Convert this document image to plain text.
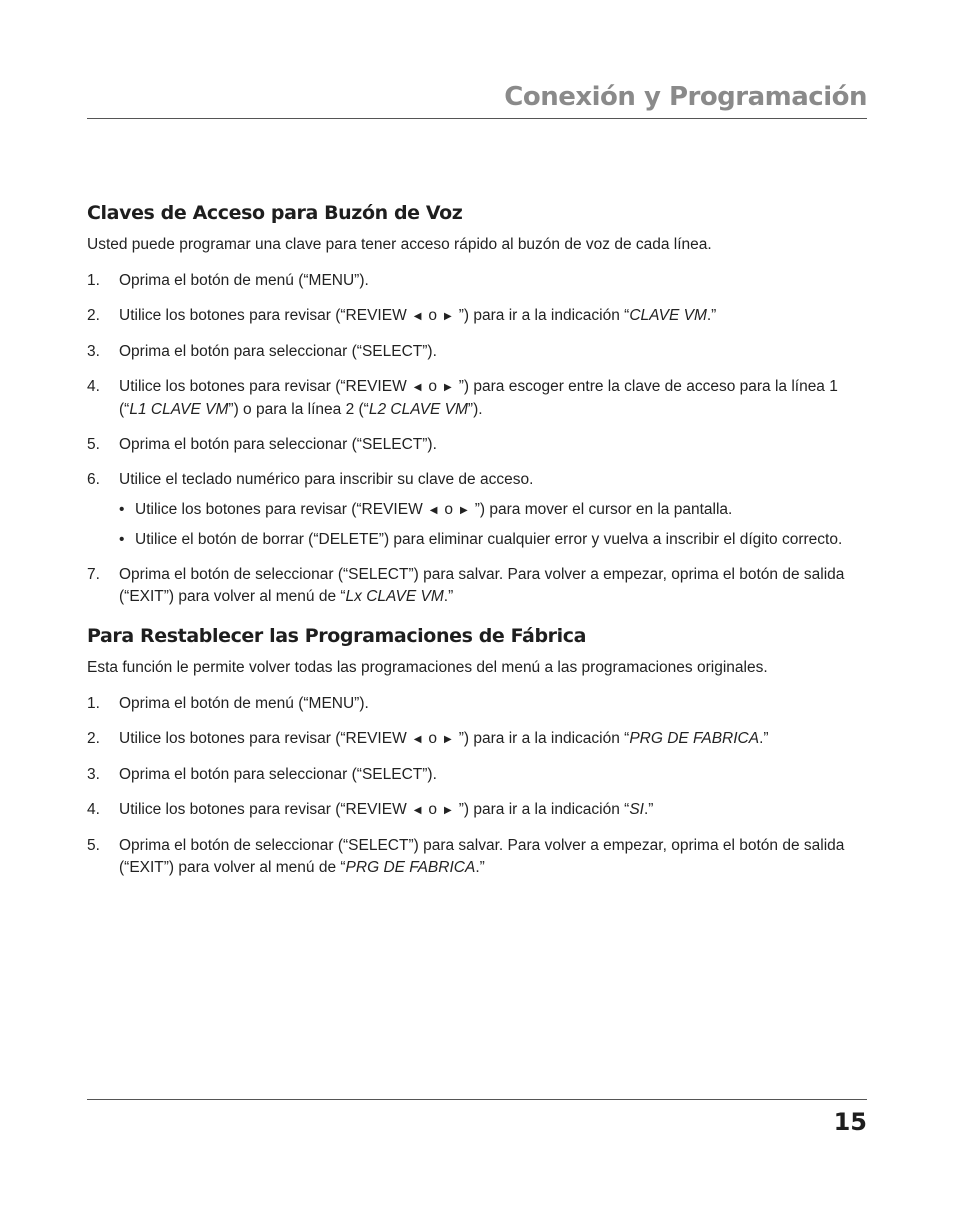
Conexión y Programación
Claves de Acceso para Buzón de Voz

Usted puede programar una clave para tener acceso rápido al buzón de voz de cada línea.

1. Oprima el botón de menú (“MENU”).
2. Utilice los botones para revisar (“REVIEW ◀ o ▶ ”) para ir a la indicación “CLAVE VM.”
3. Oprima el botón para seleccionar (“SELECT”).
4. Utilice los botones para revisar (“REVIEW ◀ o ▶ ”) para escoger entre la clave de acceso para la línea 1 (“L1 CLAVE VM”) o para la línea 2 (“L2 CLAVE VM”).
5. Oprima el botón para seleccionar (“SELECT”).
6. Utilice el teclado numérico para inscribir su clave de acceso.
• Utilice los botones para revisar (“REVIEW ◀ o ▶ ”) para mover el cursor en la pantalla.
• Utilice el botón de borrar (“DELETE”) para eliminar cualquier error y vuelva a inscribir el dígito correcto.
7. Oprima el botón de seleccionar (“SELECT”) para salvar. Para volver a empezar, oprima el botón de salida (“EXIT”) para volver al menú de “Lx CLAVE VM.”
Para Restablecer las Programaciones de Fábrica

Esta función le permite volver todas las programaciones del menú a las programaciones originales.

1. Oprima el botón de menú (“MENU”).
2. Utilice los botones para revisar (“REVIEW ◀ o ▶ ”) para ir a la indicación “PRG DE FABRICA.”
3. Oprima el botón para seleccionar (“SELECT”).
4. Utilice los botones para revisar (“REVIEW ◀ o ▶ ”) para ir a la indicación “SI.”
5. Oprima el botón de seleccionar (“SELECT”) para salvar. Para volver a empezar, oprima el botón de salida (“EXIT”) para volver al menú de “PRG DE FABRICA.”
15
